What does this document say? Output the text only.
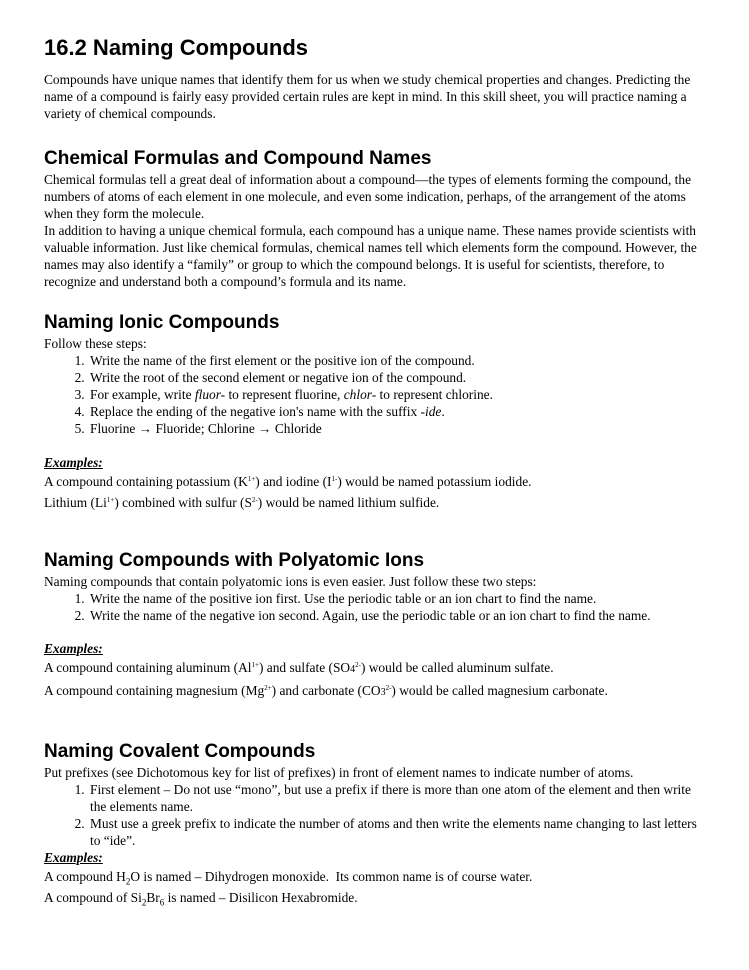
16.2 Naming Compounds

Compounds have unique names that identify them for us when we study chemical properties and changes. Predicting the name of a compound is fairly easy provided certain rules are kept in mind. In this skill sheet, you will practice naming a variety of chemical compounds.

Chemical Formulas and Compound Names

Chemical formulas tell a great deal of information about a compound—the types of elements forming the compound, the numbers of atoms of each element in one molecule, and even some indication, perhaps, of the arrangement of the atoms when they form the molecule.

In addition to having a unique chemical formula, each compound has a unique name. These names provide scientists with valuable information. Just like chemical formulas, chemical names tell which elements form the compound. However, the names may also identify a “family” or group to which the compound belongs. It is useful for scientists, therefore, to recognize and understand both a compound’s formula and its name.

Naming Ionic Compounds

Follow these steps:

1. Write the name of the first element or the positive ion of the compound.
2. Write the root of the second element or negative ion of the compound.
3. For example, write fluor- to represent fluorine, chlor- to represent chlorine.
4. Replace the ending of the negative ion's name with the suffix -ide.
5. Fluorine → Fluoride; Chlorine → Chloride

Examples:

A compound containing potassium $(K^{1+})$ and iodine $(I^{1-})$ would be named potassium iodide.

Lithium $(Li^{1+})$ combined with sulfur $(S^{2-})$ would be named lithium sulfide.

Naming Compounds with Polyatomic Ions

Naming compounds that contain polyatomic ions is even easier. Just follow these two steps:

1. Write the name of the positive ion first. Use the periodic table or an ion chart to find the name.
2. Write the name of the negative ion second. Again, use the periodic table or an ion chart to find the name.

Examples:

A compound containing aluminum $(Al^{1+})$ and sulfate $(SO4^{2-})$ would be called aluminum sulfate.

A compound containing magnesium $(Mg^{2+})$ and carbonate $(CO3^{2-})$ would be called magnesium carbonate.

Naming Covalent Compounds

Put prefixes (see Dichotomous key for list of prefixes) in front of element names to indicate number of atoms.

1. First element – Do not use “mono”, but use a prefix if there is more than one atom of the element and then write the elements name.
2. Must use a greek prefix to indicate the number of atoms and then write the elements name changing to last letters to “ide”.

Examples:

A compound $H_2O$ is named – Dihydrogen monoxide.  Its common name is of course water.

A compound of $Si_2Br_6$ is named – Disilicon Hexabromide.
